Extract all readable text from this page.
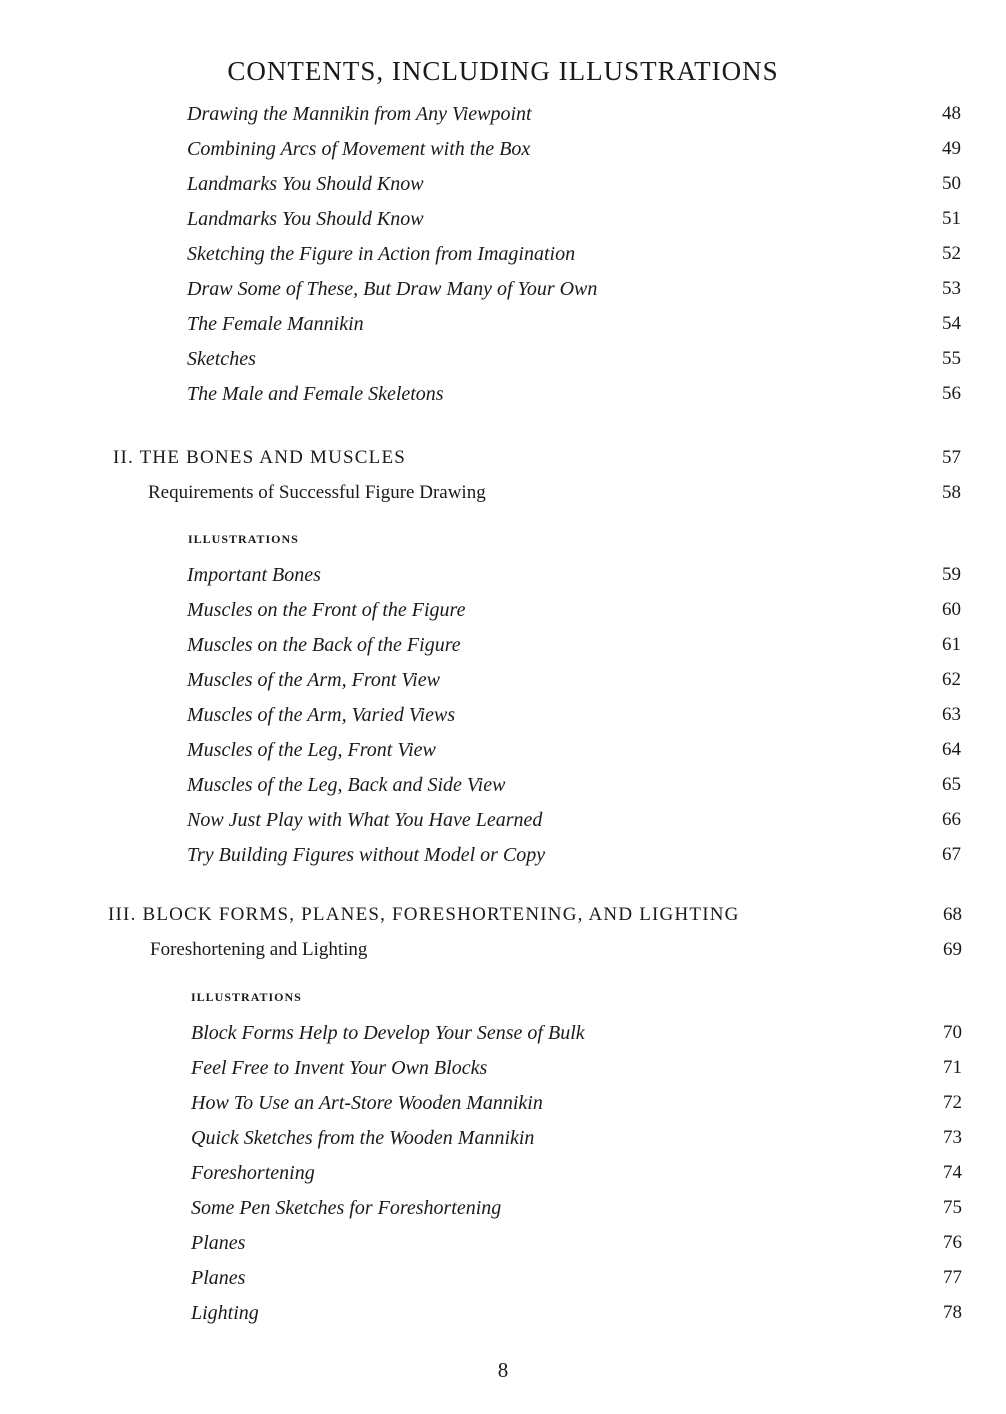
CONTENTS, INCLUDING ILLUSTRATIONS
Drawing the Mannikin from Any Viewpoint	48
Combining Arcs of Movement with the Box	49
Landmarks You Should Know	50
Landmarks You Should Know	51
Sketching the Figure in Action from Imagination	52
Draw Some of These, But Draw Many of Your Own	53
The Female Mannikin	54
Sketches	55
The Male and Female Skeletons	56
II. THE BONES AND MUSCLES	57
Requirements of Successful Figure Drawing	58
ILLUSTRATIONS
Important Bones	59
Muscles on the Front of the Figure	60
Muscles on the Back of the Figure	61
Muscles of the Arm, Front View	62
Muscles of the Arm, Varied Views	63
Muscles of the Leg, Front View	64
Muscles of the Leg, Back and Side View	65
Now Just Play with What You Have Learned	66
Try Building Figures without Model or Copy	67
III. BLOCK FORMS, PLANES, FORESHORTENING, AND LIGHTING	68
Foreshortening and Lighting	69
ILLUSTRATIONS
Block Forms Help to Develop Your Sense of Bulk	70
Feel Free to Invent Your Own Blocks	71
How To Use an Art-Store Wooden Mannikin	72
Quick Sketches from the Wooden Mannikin	73
Foreshortening	74
Some Pen Sketches for Foreshortening	75
Planes	76
Planes	77
Lighting	78
8
